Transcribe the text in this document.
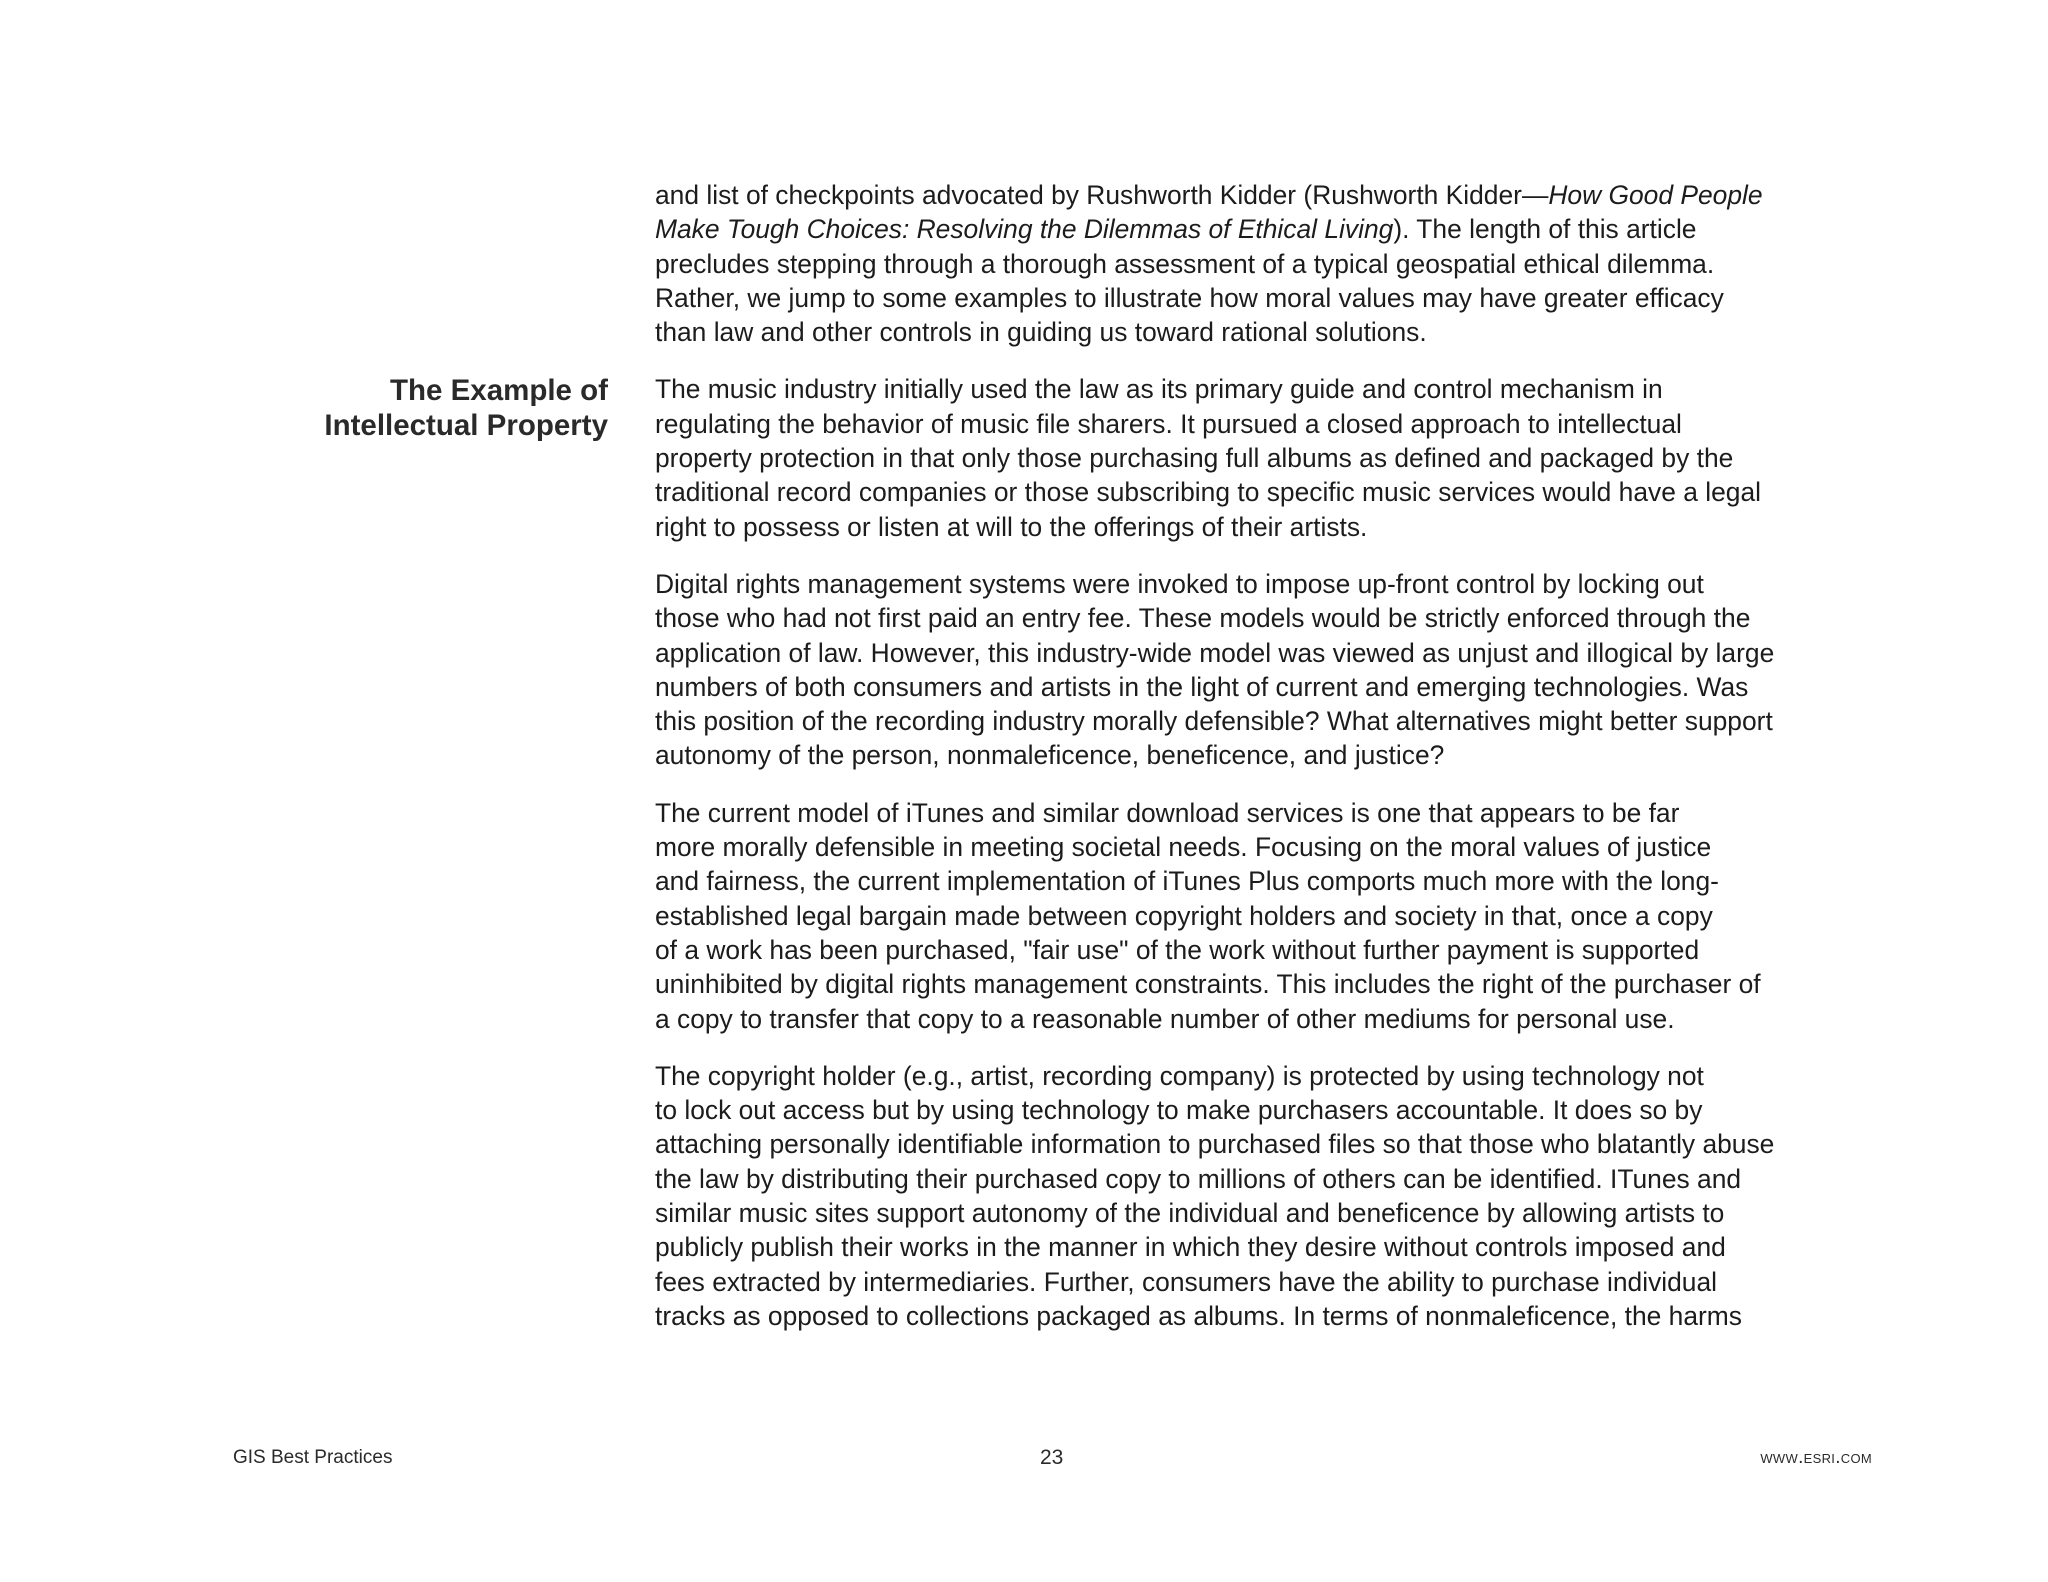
The Example of
Intellectual Property

and list of checkpoints advocated by Rushworth Kidder (Rushworth Kidder—How Good People
Make Tough Choices: Resolving the Dilemmas of Ethical Living). The length of this article
precludes stepping through a thorough assessment of a typical geospatial ethical dilemma.
Rather, we jump to some examples to illustrate how moral values may have greater efficacy
than law and other controls in guiding us toward rational solutions.

The music industry initially used the law as its primary guide and control mechanism in
regulating the behavior of music file sharers. It pursued a closed approach to intellectual
property protection in that only those purchasing full albums as defined and packaged by the
traditional record companies or those subscribing to specific music services would have a legal
right to possess or listen at will to the offerings of their artists.

Digital rights management systems were invoked to impose up-front control by locking out
those who had not first paid an entry fee. These models would be strictly enforced through the
application of law. However, this industry-wide model was viewed as unjust and illogical by large
numbers of both consumers and artists in the light of current and emerging technologies. Was
this position of the recording industry morally defensible? What alternatives might better support
autonomy of the person, nonmaleficence, beneficence, and justice?

The current model of iTunes and similar download services is one that appears to be far
more morally defensible in meeting societal needs. Focusing on the moral values of justice
and fairness, the current implementation of iTunes Plus comports much more with the long-
established legal bargain made between copyright holders and society in that, once a copy
of a work has been purchased, "fair use" of the work without further payment is supported
uninhibited by digital rights management constraints. This includes the right of the purchaser of
a copy to transfer that copy to a reasonable number of other mediums for personal use.

The copyright holder (e.g., artist, recording company) is protected by using technology not
to lock out access but by using technology to make purchasers accountable. It does so by
attaching personally identifiable information to purchased files so that those who blatantly abuse
the law by distributing their purchased copy to millions of others can be identified. ITunes and
similar music sites support autonomy of the individual and beneficence by allowing artists to
publicly publish their works in the manner in which they desire without controls imposed and
fees extracted by intermediaries. Further, consumers have the ability to purchase individual
tracks as opposed to collections packaged as albums. In terms of nonmaleficence, the harms

GIS Best Practices	23	www.esri.com
